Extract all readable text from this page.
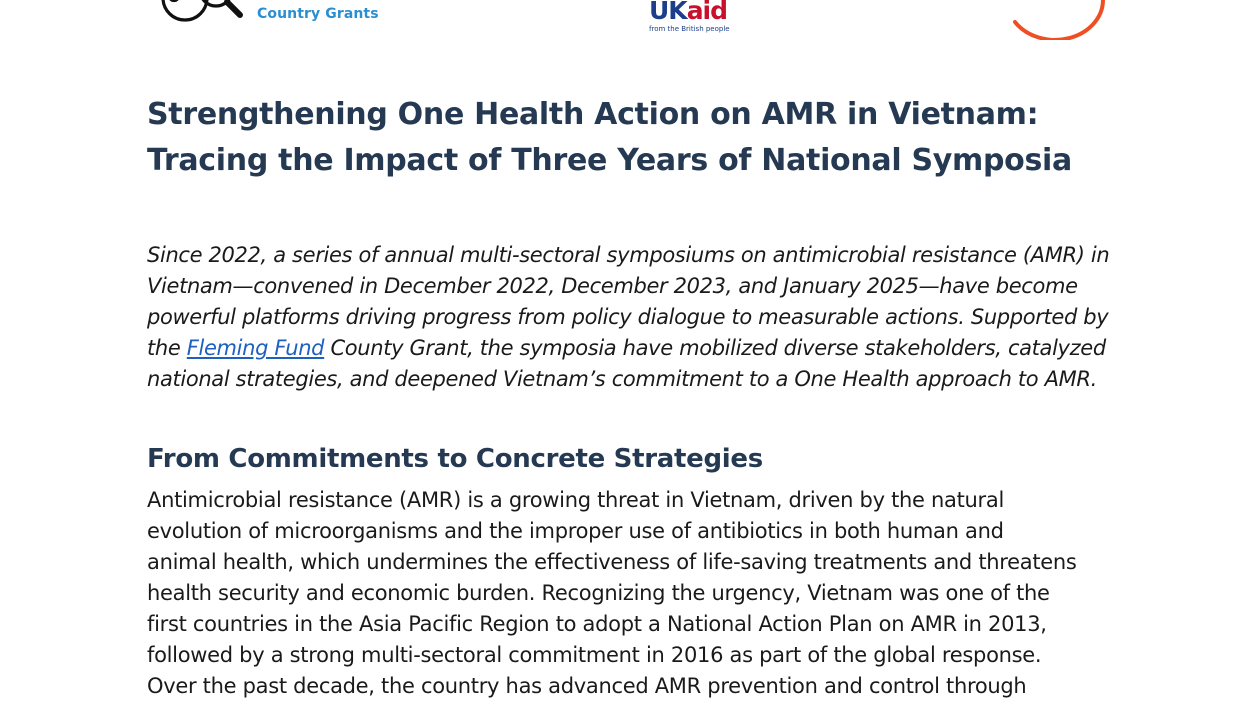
Country Grants	UKaid
from the British people
Strengthening One Health Action on AMR in Vietnam:
Tracing the Impact of Three Years of National Symposia

Since 2022, a series of annual multi-sectoral symposiums on antimicrobial resistance (AMR) in
Vietnam—convened in December 2022, December 2023, and January 2025—have become
powerful platforms driving progress from policy dialogue to measurable actions. Supported by
the Fleming Fund County Grant, the symposia have mobilized diverse stakeholders, catalyzed
national strategies, and deepened Vietnam’s commitment to a One Health approach to AMR.

From Commitments to Concrete Strategies

Antimicrobial resistance (AMR) is a growing threat in Vietnam, driven by the natural
evolution of microorganisms and the improper use of antibiotics in both human and
animal health, which undermines the effectiveness of life-saving treatments and threatens
health security and economic burden. Recognizing the urgency, Vietnam was one of the
first countries in the Asia Pacific Region to adopt a National Action Plan on AMR in 2013,
followed by a strong multi-sectoral commitment in 2016 as part of the global response.
Over the past decade, the country has advanced AMR prevention and control through
